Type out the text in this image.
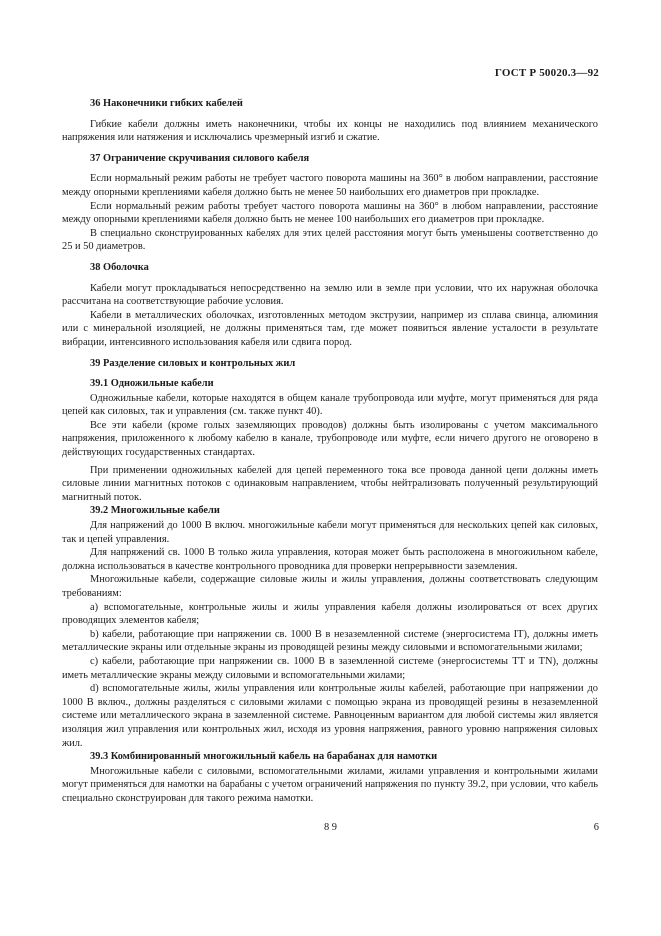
ГОСТ Р 50020.3—92
36 Наконечники гибких кабелей

Гибкие кабели должны иметь наконечники, чтобы их концы не находились под влиянием механического напряжения или натяжения и исключались чрезмерный изгиб и сжатие.

37 Ограничение скручивания силового кабеля

Если нормальный режим работы не требует частого поворота машины на 360° в любом направлении, расстояние между опорными креплениями кабеля должно быть не менее 50 наибольших его диаметров при прокладке.

Если нормальный режим работы требует частого поворота машины на 360° в любом направлении, расстояние между опорными креплениями кабеля должно быть не менее 100 наибольших его диаметров при прокладке.

В специально сконструированных кабелях для этих целей расстояния могут быть уменьшены соответственно до 25 и 50 диаметров.

38 Оболочка

Кабели могут прокладываться непосредственно на землю или в земле при условии, что их наружная оболочка рассчитана на соответствующие рабочие условия.

Кабели в металлических оболочках, изготовленных методом экструзии, например из сплава свинца, алюминия или с минеральной изоляцией, не должны применяться там, где может появиться явление усталости в результате вибрации, интенсивного использования кабеля или сдвига пород.

39 Разделение силовых и контрольных жил
39.1 Одножильные кабели

Одножильные кабели, которые находятся в общем канале трубопровода или муфте, могут применяться для ряда цепей как силовых, так и управления (см. также пункт 40).

Все эти кабели (кроме голых заземляющих проводов) должны быть изолированы с учетом максимального напряжения, приложенного к любому кабелю в канале, трубопроводе или муфте, если ничего другого не оговорено в действующих государственных стандартах.

При применении одножильных кабелей для цепей переменного тока все провода данной цепи должны иметь силовые линии магнитных потоков с одинаковым направлением, чтобы нейтрализовать полученный результирующий магнитный поток.

39.2 Многожильные кабели

Для напряжений до 1000 В включ. многожильные кабели могут применяться для нескольких цепей как силовых, так и цепей управления.

Для напряжений св. 1000 В только жила управления, которая может быть расположена в многожильном кабеле, должна использоваться в качестве контрольного проводника для проверки непрерывности заземления.

Многожильные кабели, содержащие силовые жилы и жилы управления, должны соответствовать следующим требованиям:

а) вспомогательные, контрольные жилы и жилы управления кабеля должны изолироваться от всех других проводящих элементов кабеля;

b) кабели, работающие при напряжении св. 1000 В в незаземленной системе (энергосистема IT), должны иметь металлические экраны или отдельные экраны из проводящей резины между силовыми и вспомогательными жилами;

c) кабели, работающие при напряжении св. 1000 В в заземленной системе (энергосистемы TT и TN), должны иметь металлические экраны между силовыми и вспомогательными жилами;

d) вспомогательные жилы, жилы управления или контрольные жилы кабелей, работающие при напряжении до 1000 В включ., должны разделяться с силовыми жилами с помощью экрана из проводящей резины в незаземленной системе или металлического экрана в заземленной системе. Равноценным вариантом для любой системы жил является изоляция жил управления или контрольных жил, исходя из уровня напряжения, равного уровню напряжения силовых жил.

39.3 Комбинированный многожильный кабель на барабанах для намотки

Многожильные кабели с силовыми, вспомогательными жилами, жилами управления и контрольными жилами могут применяться для намотки на барабаны с учетом ограничений напряжения по пункту 39.2, при условии, что кабель специально сконструирован для такого режима намотки.

8 9	6
